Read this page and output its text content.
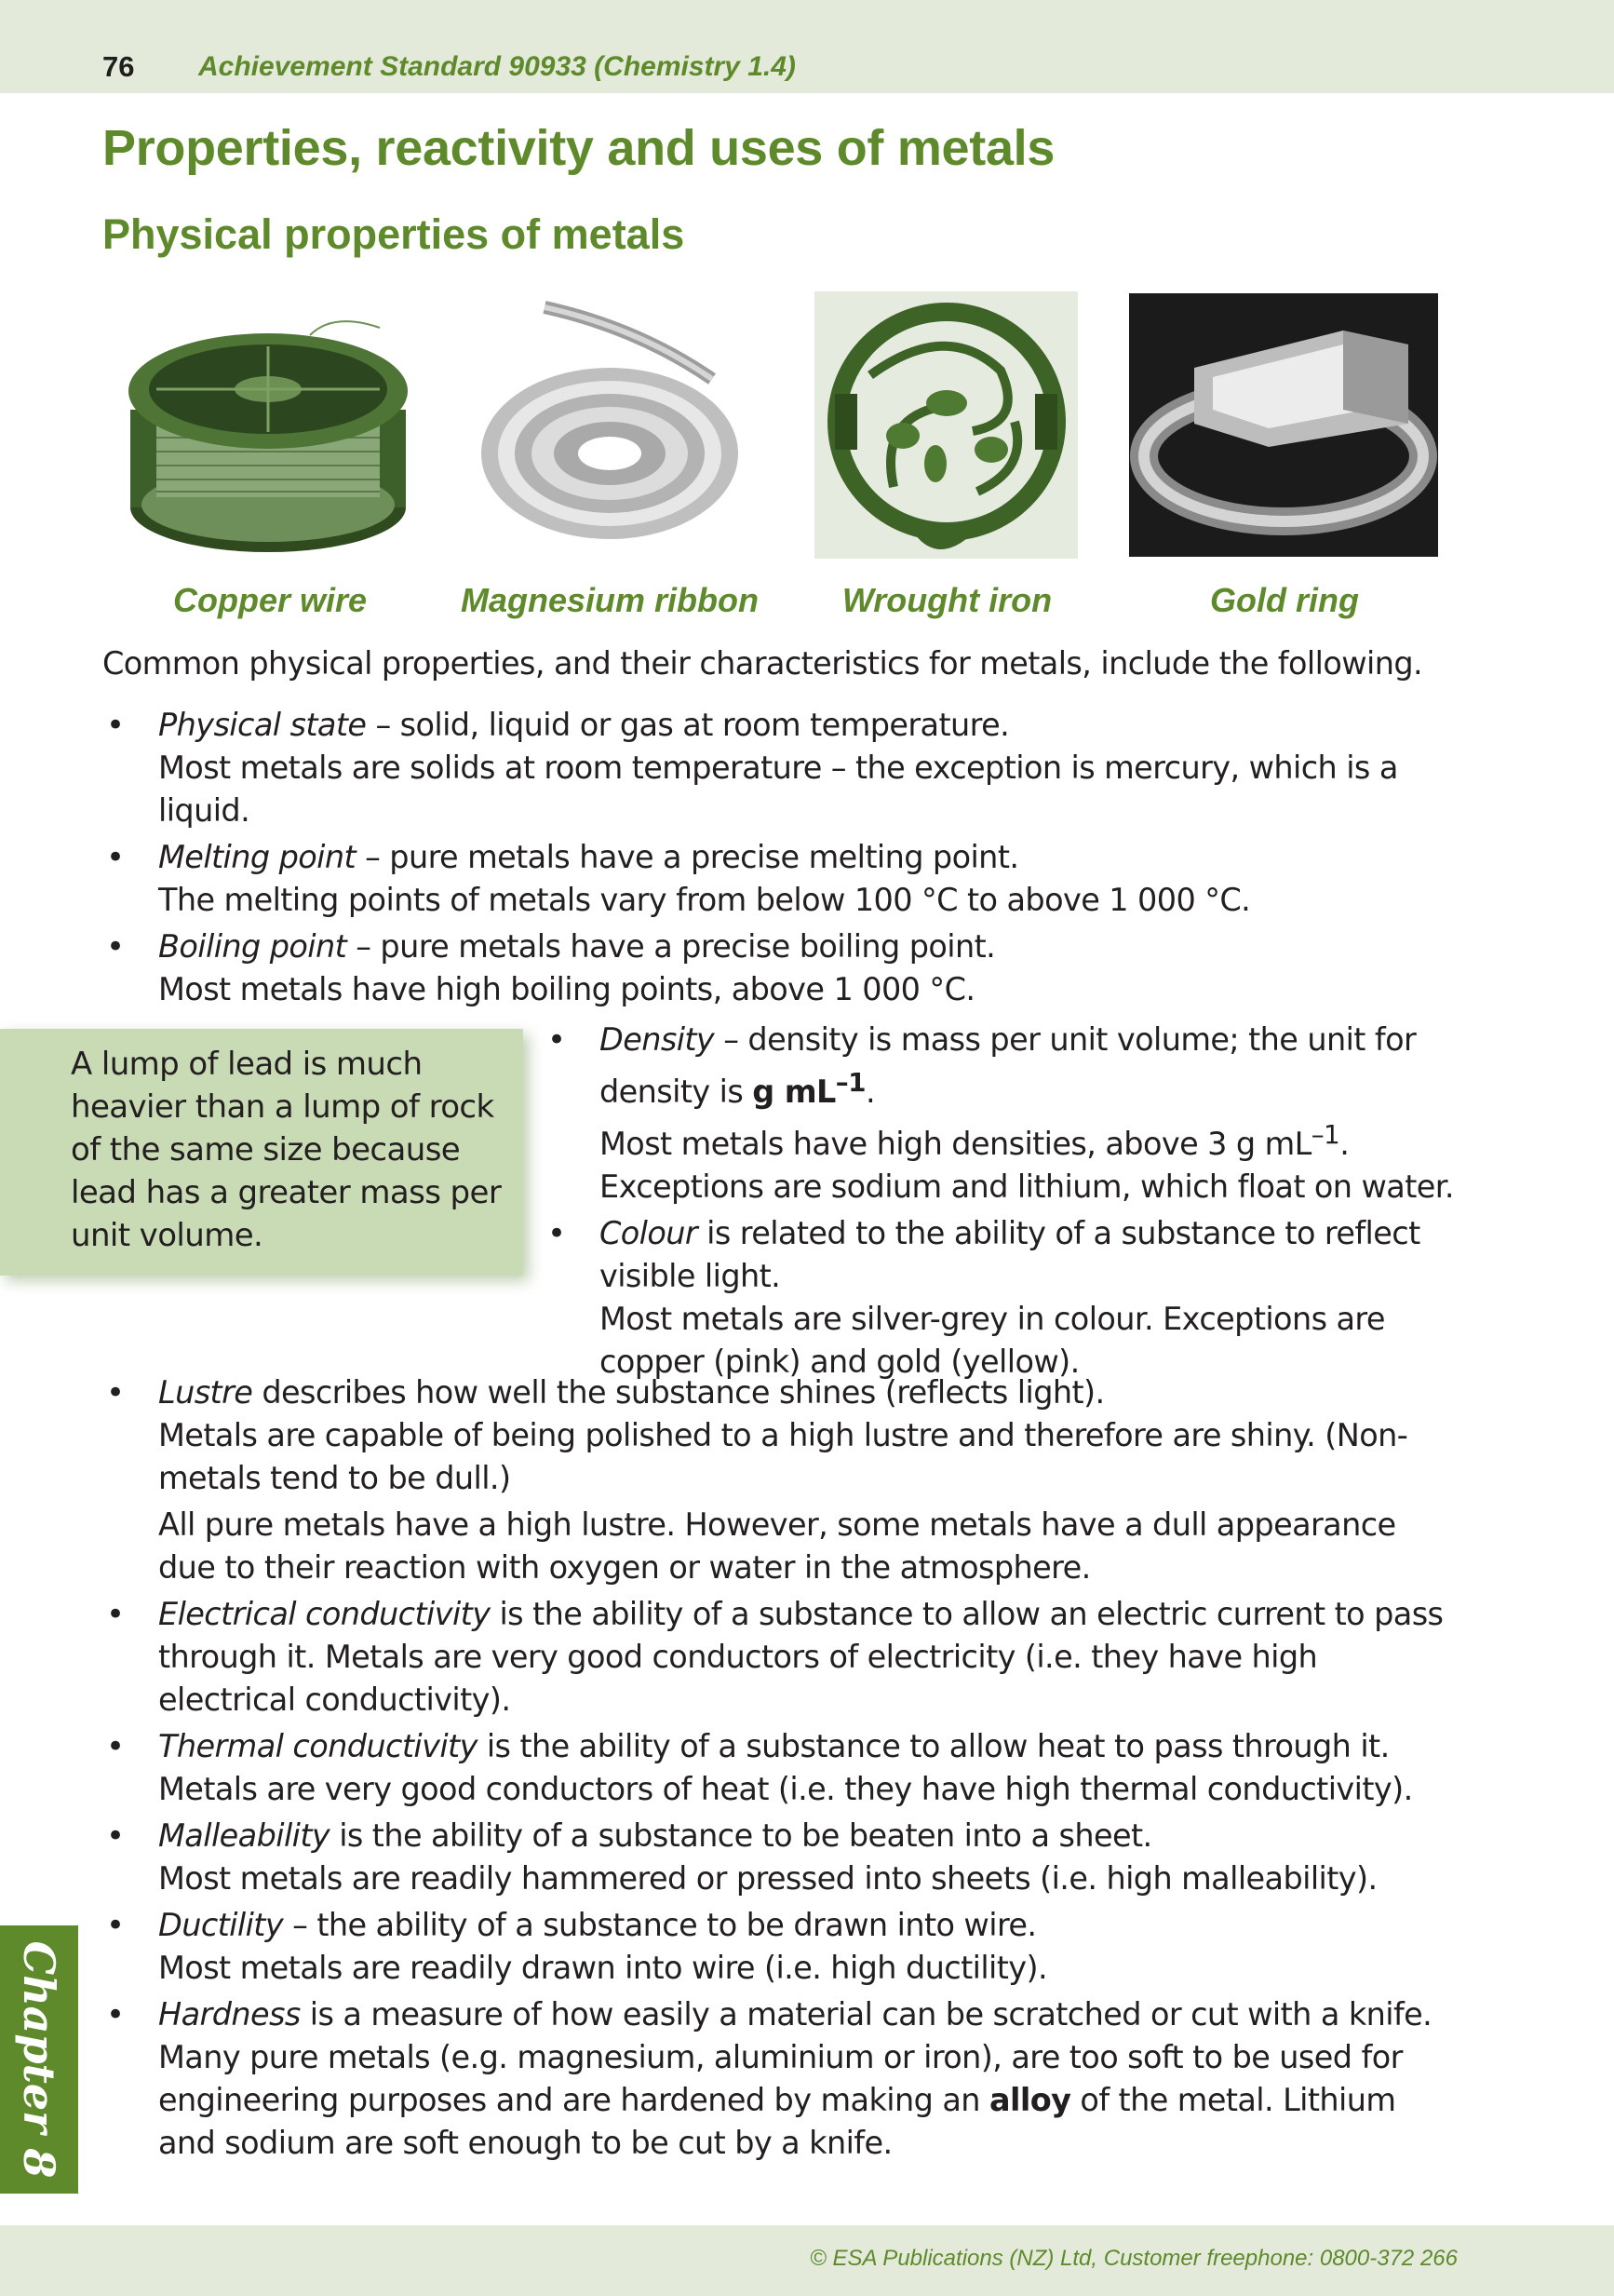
76 Achievement Standard 90933 (Chemistry 1.4)
Properties, reactivity and uses of metals
Physical properties of metals
Copper wire	Magnesium ribbon	Wrought iron	Gold ring

Common physical properties, and their characteristics for metals, include the following.

• Physical state – solid, liquid or gas at room temperature.

Most metals are solids at room temperature – the exception is mercury, which is a liquid.

• Melting point – pure metals have a precise melting point.

The melting points of metals vary from below 100 °C to above 1 000 °C.

• Boiling point – pure metals have a precise boiling point.

Most metals have high boiling points, above 1 000 °C.

A lump of lead is much heavier than a lump of rock of the same size because lead has a greater mass per unit volume.

• Density – density is mass per unit volume; the unit for density is g $mL^{-1}$.

Most metals have high densities, above 3 g $mL^{-1}$.

Exceptions are sodium and lithium, which float on water.

• Colour is related to the ability of a substance to reflect visible light.

Most metals are silver-grey in colour. Exceptions are copper (pink) and gold (yellow).

• Lustre describes how well the substance shines (reflects light).

Metals are capable of being polished to a high lustre and therefore are shiny. (Non-metals tend to be dull.)

All pure metals have a high lustre. However, some metals have a dull appearance due to their reaction with oxygen or water in the atmosphere.

• Electrical conductivity is the ability of a substance to allow an electric current to pass through it. Metals are very good conductors of electricity (i.e. they have high electrical conductivity).

• Thermal conductivity is the ability of a substance to allow heat to pass through it.

Metals are very good conductors of heat (i.e. they have high thermal conductivity).

• Malleability is the ability of a substance to be beaten into a sheet.

Most metals are readily hammered or pressed into sheets (i.e. high malleability).

• Ductility – the ability of a substance to be drawn into wire.

Most metals are readily drawn into wire (i.e. high ductility).

• Hardness is a measure of how easily a material can be scratched or cut with a knife.

Many pure metals (e.g. magnesium, aluminium or iron), are too soft to be used for engineering purposes and are hardened by making an alloy of the metal. Lithium and sodium are soft enough to be cut by a knife.

Chapter 8
© ESA Publications (NZ) Ltd, Customer freephone: 0800-372 266
